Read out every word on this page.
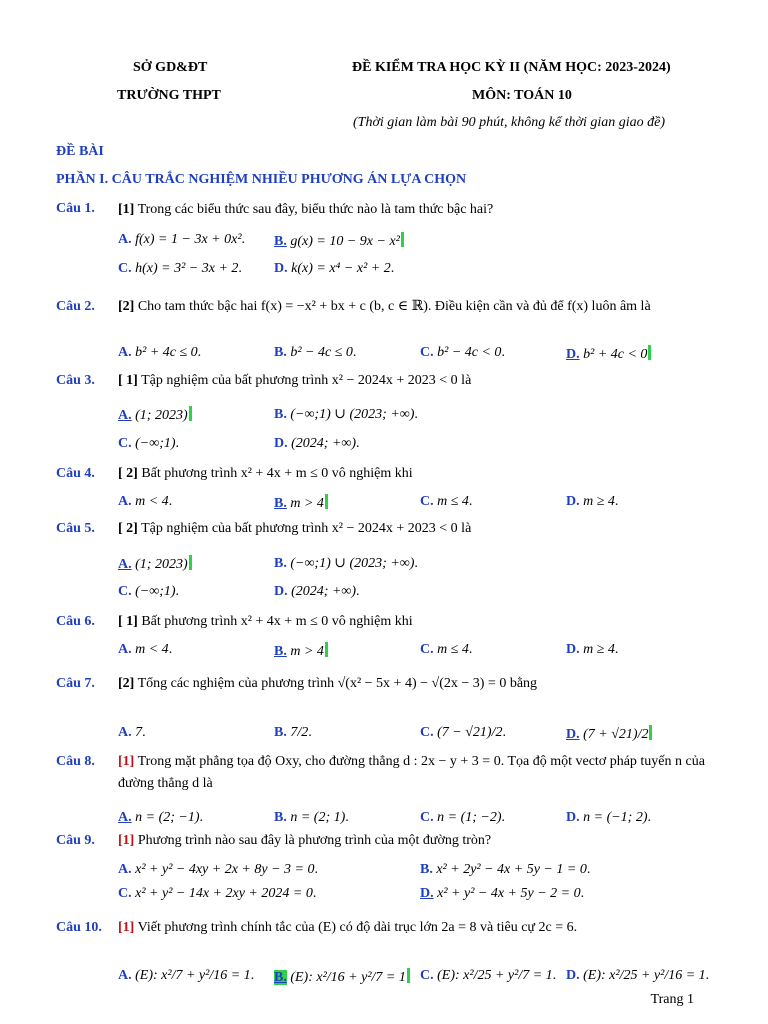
SỞ GD&ĐT
TRƯỜNG THPT
ĐỀ KIỂM TRA HỌC KỲ II (NĂM HỌC: 2023-2024)
MÔN: TOÁN 10
(Thời gian làm bài 90 phút, không kể thời gian giao đề)
ĐỀ BÀI
PHẦN I. CÂU TRẮC NGHIỆM NHIỀU PHƯƠNG ÁN LỰA CHỌN
Câu 1. [1] Trong các biểu thức sau đây, biểu thức nào là tam thức bậc hai?
A. f(x) = 1 − 3x + 0x². B. g(x) = 10 − 9x − x²
C. h(x) = 3² − 3x + 2. D. k(x) = x⁴ − x² + 2.
Câu 2. [2] Cho tam thức bậc hai f(x) = −x² + bx + c (b, c ∈ ℝ). Điều kiện cần và đủ để f(x) luôn âm là
A. b² + 4c ≤ 0.	B. b² − 4c ≤ 0.	C. b² − 4c < 0.	D. b² + 4c < 0
Câu 3. [ 1] Tập nghiệm của bất phương trình x² − 2024x + 2023 < 0 là
A. (1; 2023)	B. (−∞;1) ∪ (2023; +∞).
C. (−∞;1).	D. (2024; +∞).
Câu 4. [ 2] Bất phương trình x² + 4x + m ≤ 0 vô nghiệm khi
A. m < 4.	B. m > 4	C. m ≤ 4.	D. m ≥ 4.
Câu 5. [ 2] Tập nghiệm của bất phương trình x² − 2024x + 2023 < 0 là
A. (1; 2023)	B. (−∞;1) ∪ (2023; +∞).
C. (−∞;1).	D. (2024; +∞).
Câu 6. [ 1] Bất phương trình x² + 4x + m ≤ 0 vô nghiệm khi
A. m < 4.	B. m > 4	C. m ≤ 4.	D. m ≥ 4.
Câu 7. [2] Tổng các nghiệm của phương trình √(x² − 5x + 4) − √(2x − 3) = 0 bằng
A. 7.	B. 7/2.	C. (7 − √21)/2.	D. (7 + √21)/2
Câu 8. [1] Trong mặt phẳng tọa độ Oxy, cho đường thẳng d : 2x − y + 3 = 0. Tọa độ một vectơ pháp tuyến n của đường thẳng d là
A. n = (2; −1).	B. n = (2; 1).	C. n = (1; −2).	D. n = (−1; 2).
Câu 9. [1] Phương trình nào sau đây là phương trình của một đường tròn?
A. x² + y² − 4xy + 2x + 8y − 3 = 0.	B. x² + 2y² − 4x + 5y − 1 = 0.
C. x² + y² − 14x + 2xy + 2024 = 0.	D. x² + y² − 4x + 5y − 2 = 0.
Câu 10. [1] Viết phương trình chính tắc của (E) có độ dài trục lớn 2a = 8 và tiêu cự 2c = 6.
A. (E): x²/7 + y²/16 = 1. B. (E): x²/16 + y²/7 = 1 C. (E): x²/25 + y²/7 = 1. D. (E): x²/25 + y²/16 = 1.
Trang 1
